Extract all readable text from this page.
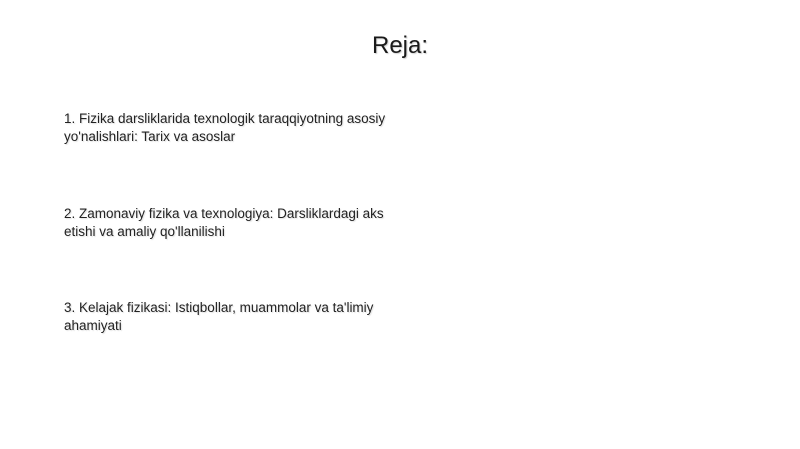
Reja:
1. Fizika darsliklarida texnologik taraqqiyotning asosiy yo'nalishlari: Tarix va asoslar
2. Zamonaviy fizika va texnologiya: Darsliklardagi aks etishi va amaliy qo'llanilishi
3. Kelajak fizikasi: Istiqbollar, muammolar va ta'limiy ahamiyati
